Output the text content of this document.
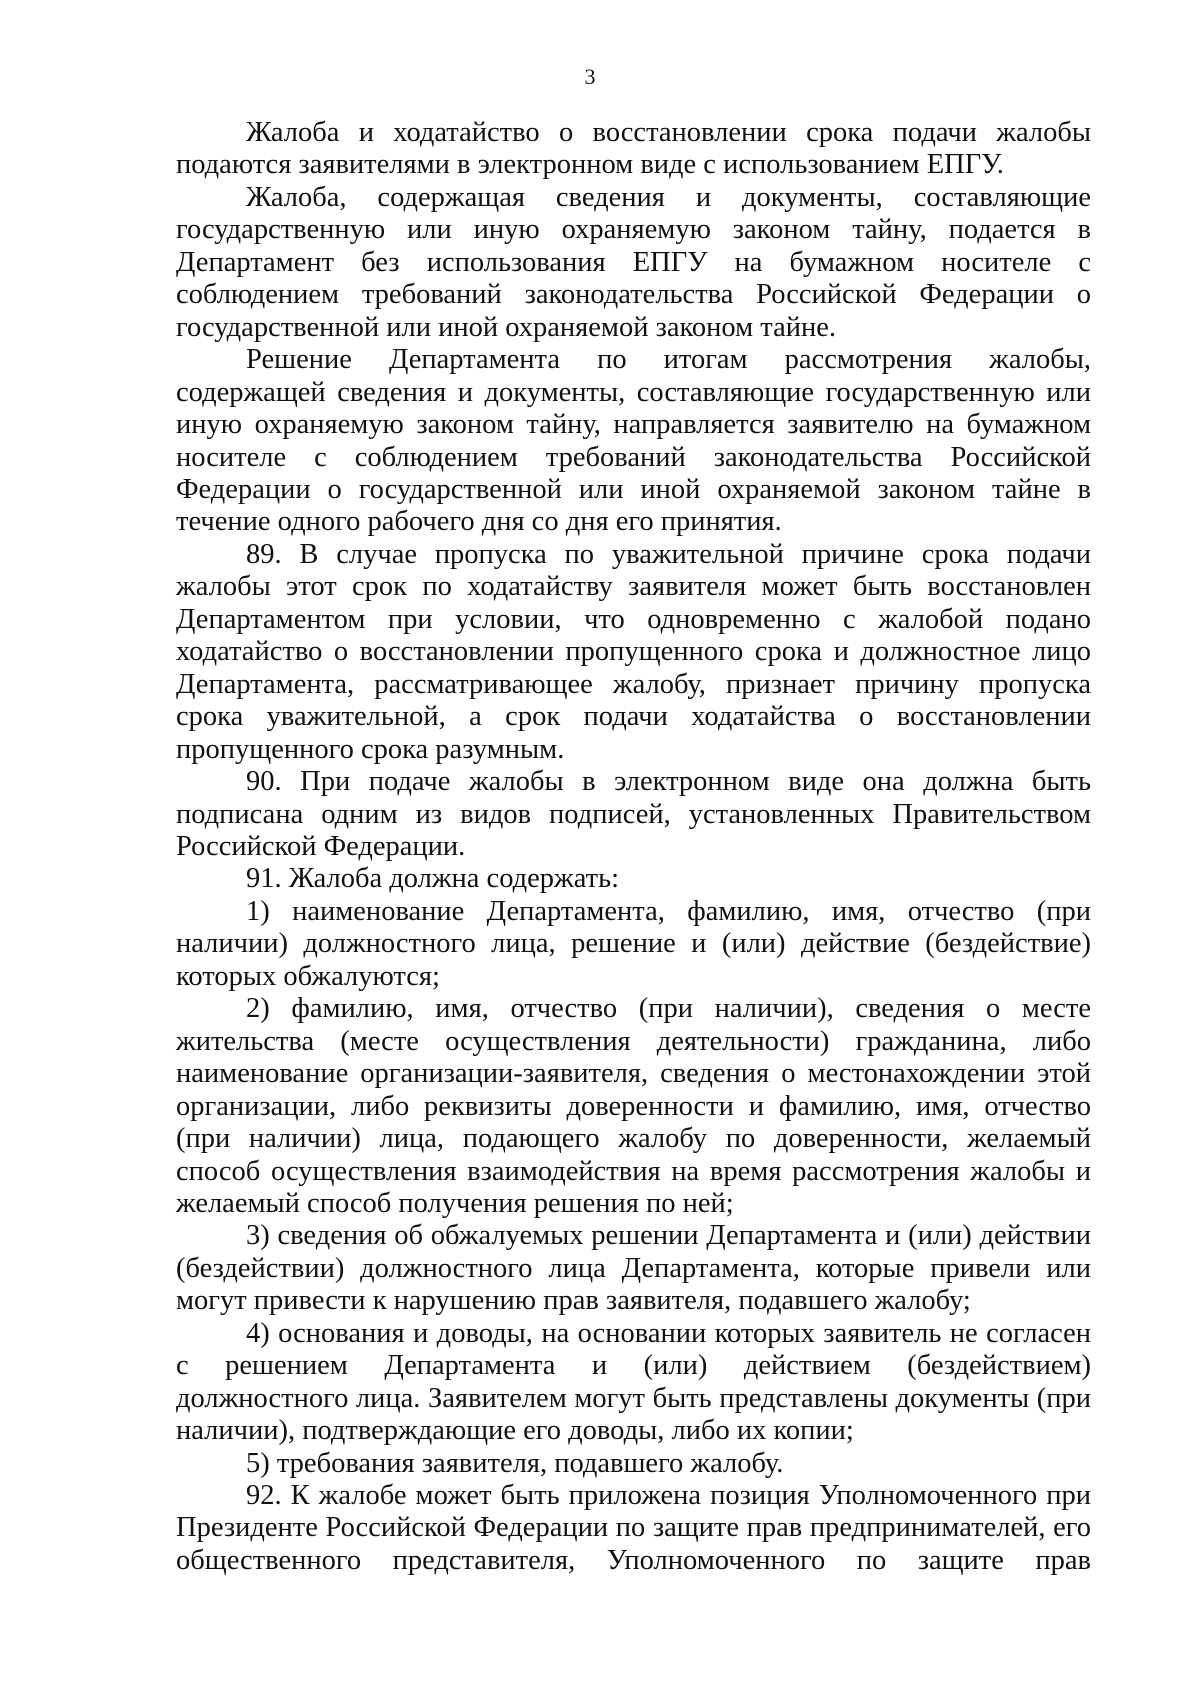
3

Жалоба и ходатайство о восстановлении срока подачи жалобы подаются заявителями в электронном виде с использованием ЕПГУ.

Жалоба, содержащая сведения и документы, составляющие государственную или иную охраняемую законом тайну, подается в Департамент без использования ЕПГУ на бумажном носителе с соблюдением требований законодательства Российской Федерации о государственной или иной охраняемой законом тайне.

Решение Департамента по итогам рассмотрения жалобы, содержащей сведения и документы, составляющие государственную или иную охраняемую законом тайну, направляется заявителю на бумажном носителе с соблюдением требований законодательства Российской Федерации о государственной или иной охраняемой законом тайне в течение одного рабочего дня со дня его принятия.

89. В случае пропуска по уважительной причине срока подачи жалобы этот срок по ходатайству заявителя может быть восстановлен Департаментом при условии, что одновременно с жалобой подано ходатайство о восстановлении пропущенного срока и должностное лицо Департамента, рассматривающее жалобу, признает причину пропуска срока уважительной, а срок подачи ходатайства о восстановлении пропущенного срока разумным.

90. При подаче жалобы в электронном виде она должна быть подписана одним из видов подписей, установленных Правительством Российской Федерации.

91. Жалоба должна содержать:

1) наименование Департамента, фамилию, имя, отчество (при наличии) должностного лица, решение и (или) действие (бездействие) которых обжалуются;

2) фамилию, имя, отчество (при наличии), сведения о месте жительства (месте осуществления деятельности) гражданина, либо наименование организации-заявителя, сведения о местонахождении этой организации, либо реквизиты доверенности и фамилию, имя, отчество (при наличии) лица, подающего жалобу по доверенности, желаемый способ осуществления взаимодействия на время рассмотрения жалобы и желаемый способ получения решения по ней;

3) сведения об обжалуемых решении Департамента и (или) действии (бездействии) должностного лица Департамента, которые привели или могут привести к нарушению прав заявителя, подавшего жалобу;

4) основания и доводы, на основании которых заявитель не согласен с решением Департамента и (или) действием (бездействием) должностного лица. Заявителем могут быть представлены документы (при наличии), подтверждающие его доводы, либо их копии;

5) требования заявителя, подавшего жалобу.

92. К жалобе может быть приложена позиция Уполномоченного при Президенте Российской Федерации по защите прав предпринимателей, его общественного представителя, Уполномоченного по защите прав
